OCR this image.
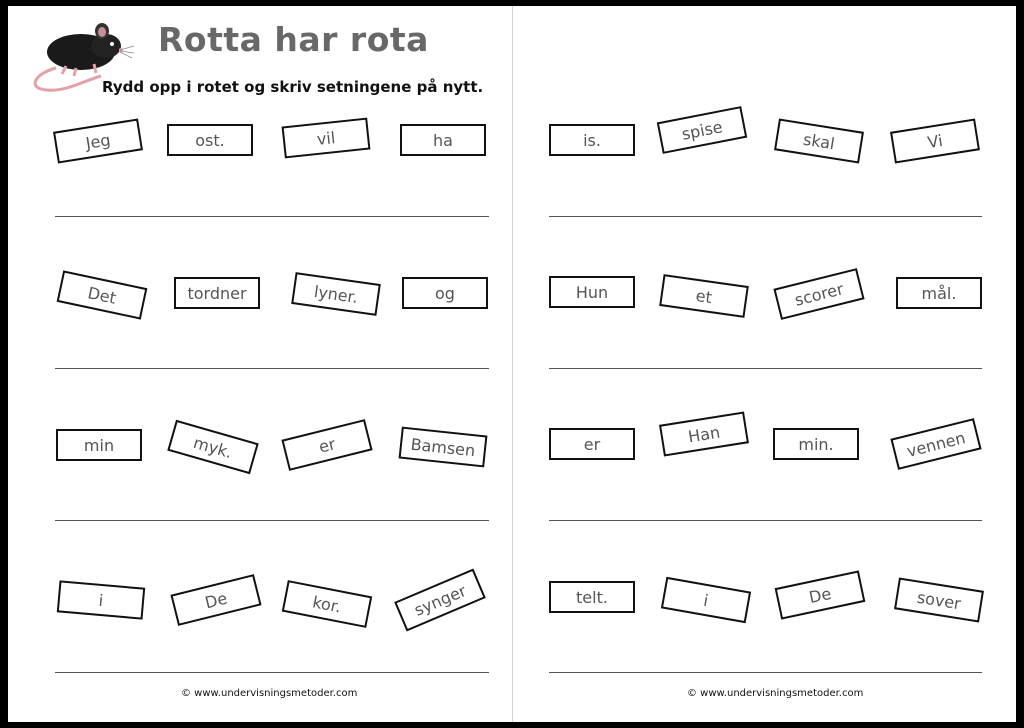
Rotta har rota
Rydd opp i rotet og skriv setningene på nytt.
Jeg	ost.	vil	ha	is.	spise	skal	Vi
Det	tordner	lyner.	og	Hun	et	scorer	mål.
min	myk.	er	Bamsen	er	Han	min.	vennen
i	De	kor.	synger	telt.	i	De	sover
© www.undervisningsmetoder.com	© www.undervisningsmetoder.com
